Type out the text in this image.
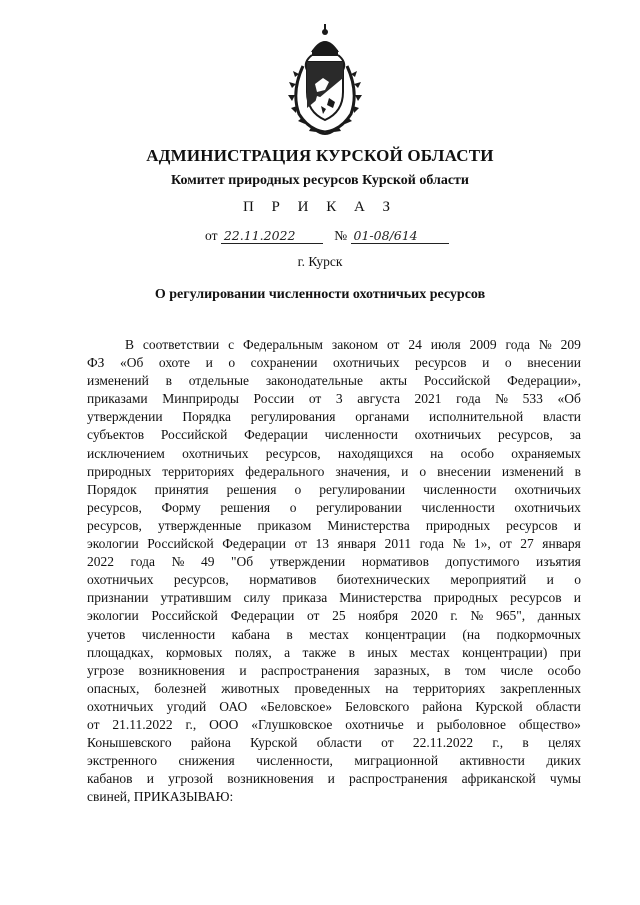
АДМИНИСТРАЦИЯ КУРСКОЙ ОБЛАСТИ
Комитет природных ресурсов Курской области
П Р И К А З
от 22.11.2022	№ 01-08/614
г. Курск
О регулировании численности охотничьих ресурсов
В соответствии с Федеральным законом от 24 июля 2009 года № 209
ФЗ «Об охоте и о сохранении охотничьих ресурсов и о внесении
изменений в отдельные законодательные акты Российской Федерации»,
приказами Минприроды России от 3 августа 2021 года № 533 «Об
утверждении Порядка регулирования органами исполнительной власти
субъектов Российской Федерации численности охотничьих ресурсов, за
исключением охотничьих ресурсов, находящихся на особо охраняемых
природных территориях федерального значения, и о внесении изменений в
Порядок принятия решения о регулировании численности охотничьих
ресурсов, Форму решения о регулировании численности охотничьих
ресурсов, утвержденные приказом Министерства природных ресурсов и
экологии Российской Федерации от 13 января 2011 года № 1», от 27 января
2022 года № 49 "Об утверждении нормативов допустимого изъятия
охотничьих ресурсов, нормативов биотехнических мероприятий и о
признании утратившим силу приказа Министерства природных ресурсов и
экологии Российской Федерации от 25 ноября 2020 г. № 965", данных
учетов численности кабана в местах концентрации (на подкормочных
площадках, кормовых полях, а также в иных местах концентрации) при
угрозе возникновения и распространения заразных, в том числе особо
опасных, болезней животных проведенных на территориях закрепленных
охотничьих угодий ОАО «Беловское» Беловского района Курской области
от 21.11.2022 г., ООО «Глушковское охотничье и рыболовное общество»
Конышевского района Курской области от 22.11.2022 г., в целях
экстренного снижения численности, миграционной активности диких
кабанов и угрозой возникновения и распространения африканской чумы
свиней, ПРИКАЗЫВАЮ:
